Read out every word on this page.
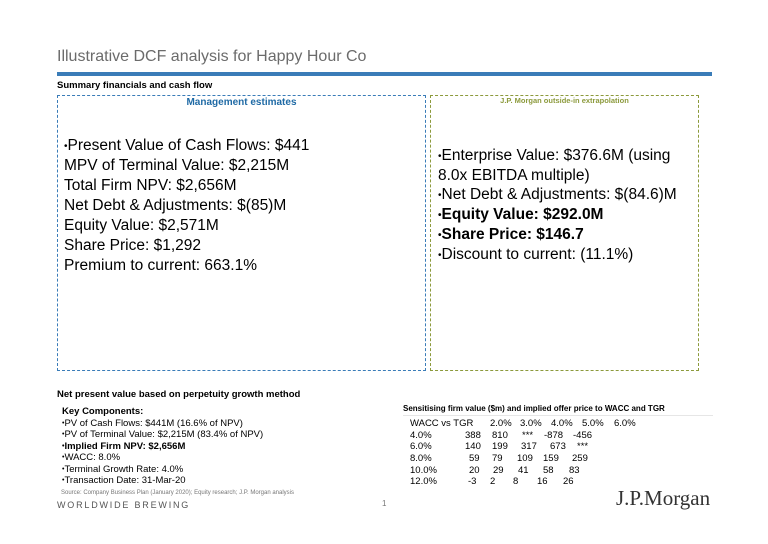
Illustrative DCF analysis for Happy Hour Co
Summary financials and cash flow
Management estimates
•Present Value of Cash Flows: $441
MPV of Terminal Value: $2,215M
Total Firm NPV: $2,656M
Net Debt & Adjustments: $(85)M
Equity Value: $2,571M
Share Price: $1,292
Premium to current: 663.1%
J.P. Morgan outside-in extrapolation
•Enterprise Value: $376.6M (using
8.0x EBITDA multiple)
•Net Debt & Adjustments: $(84.6)M
•Equity Value: $292.0M
•Share Price: $146.7
•Discount to current: (11.1%)
Net present value based on perpetuity growth method
Key Components:
•PV of Cash Flows: $441M (16.6% of NPV)
•PV of Terminal Value: $2,215M (83.4% of NPV)
•Implied Firm NPV: $2,656M
•WACC: 8.0%
•Terminal Growth Rate: 4.0%
•Transaction Date: 31-Mar-20
Sensitising firm value ($m) and implied offer price to WACC and TGR
WACC vs TGR 2.0% 3.0% 4.0% 5.0% 6.0%
4.0%	388 810 *** -878 -456
6.0%	140 199 317 673 ***
8.0%	59 79 109 159 259
10.0%	20 29 41 58 83
12.0%	-3 2 8 16 26
Source: Company Business Plan (January 2020); Equity research; J.P. Morgan analysis
WORLDWIDE BREWING	1	J.P.Morgan
